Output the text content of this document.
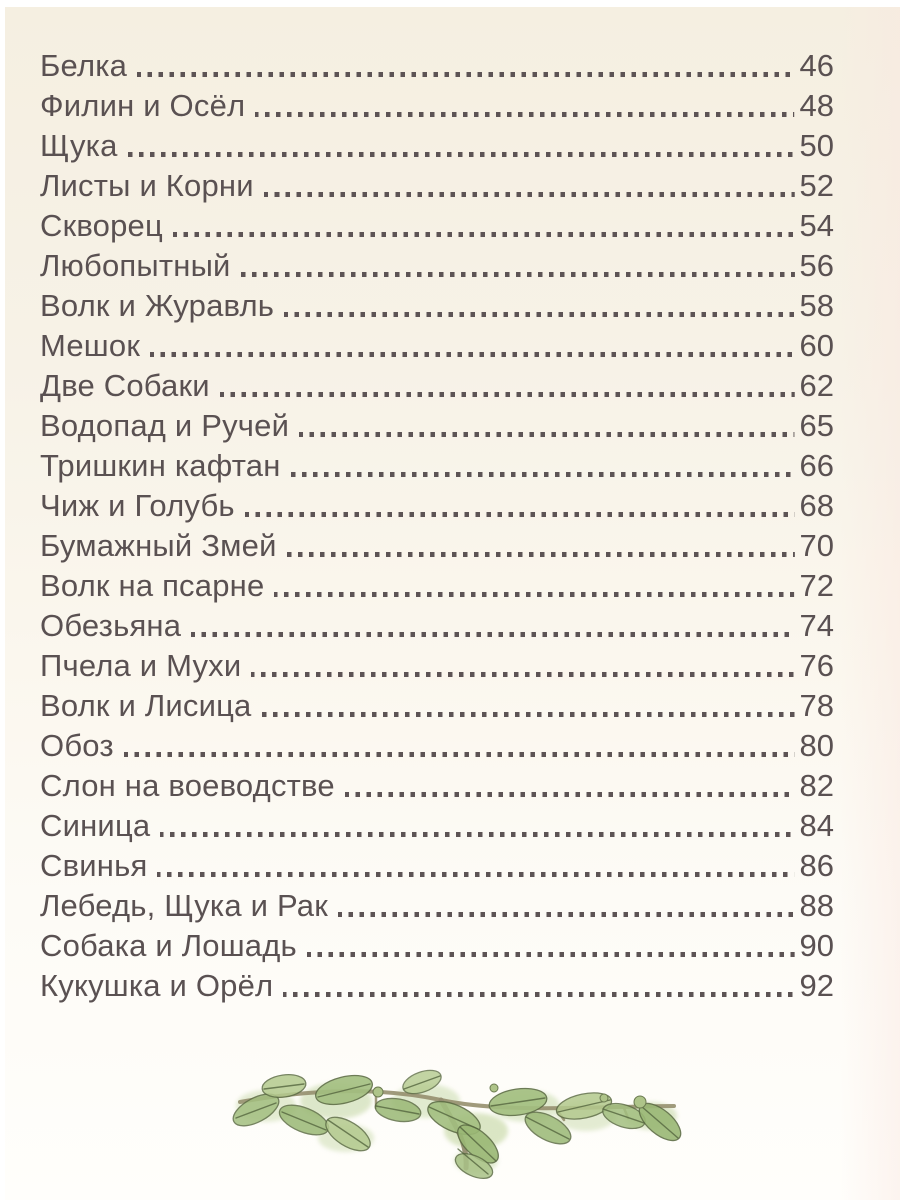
Белка	46
Филин и Осёл	48
Щука	50
Листы и Корни	52
Скворец	54
Любопытный	56
Волк и Журавль	58
Мешок	60
Две Собаки	62
Водопад и Ручей	65
Тришкин кафтан	66
Чиж и Голубь	68
Бумажный Змей	70
Волк на псарне	72
Обезьяна	74
Пчела и Мухи	76
Волк и Лисица	78
Обоз	80
Слон на воеводстве	82
Синица	84
Свинья	86
Лебедь, Щука и Рак	88
Собака и Лошадь	90
Кукушка и Орёл	92
